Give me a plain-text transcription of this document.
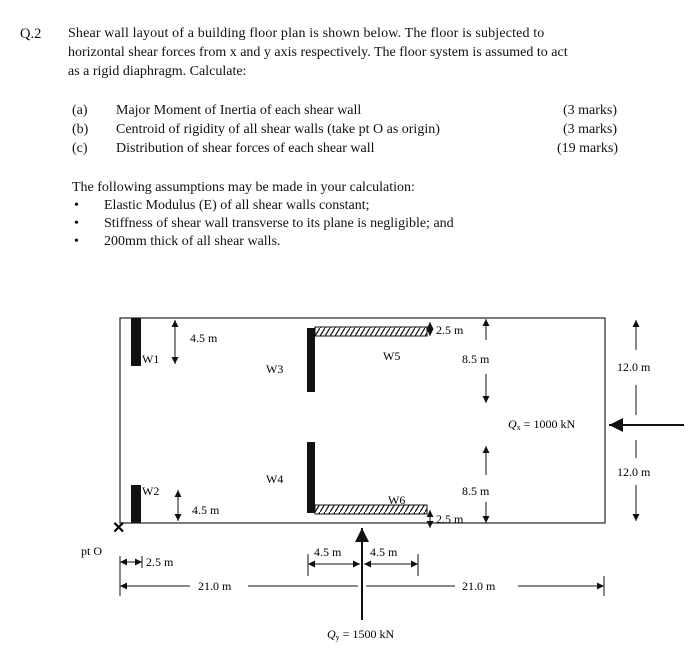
Q.2 Shear wall layout of a building floor plan is shown below. The floor is subjected to
horizontal shear forces from x and y axis respectively. The floor system is assumed to act
as a rigid diaphragm. Calculate:
(a) Major Moment of Inertia of each shear wall	(3 marks)
(b) Centroid of rigidity of all shear walls (take pt O as origin)	(3 marks)
(c) Distribution of shear forces of each shear wall	(19 marks)
The following assumptions may be made in your calculation:
• Elastic Modulus (E) of all shear walls constant;
• Stiffness of shear wall transverse to its plane is negligible; and
• 200mm thick of all shear walls.
W1
4.5 m
W2
4.5 m
W3
W5
2.5 m
8.5 m
W4
W6
8.5 m
2.5 m
12.0 m
12.0 m
Qx = 1000 kN
Qy = 1500 kN
✕
pt O
2.5 m
4.5 m 4.5 m
21.0 m	21.0 m
